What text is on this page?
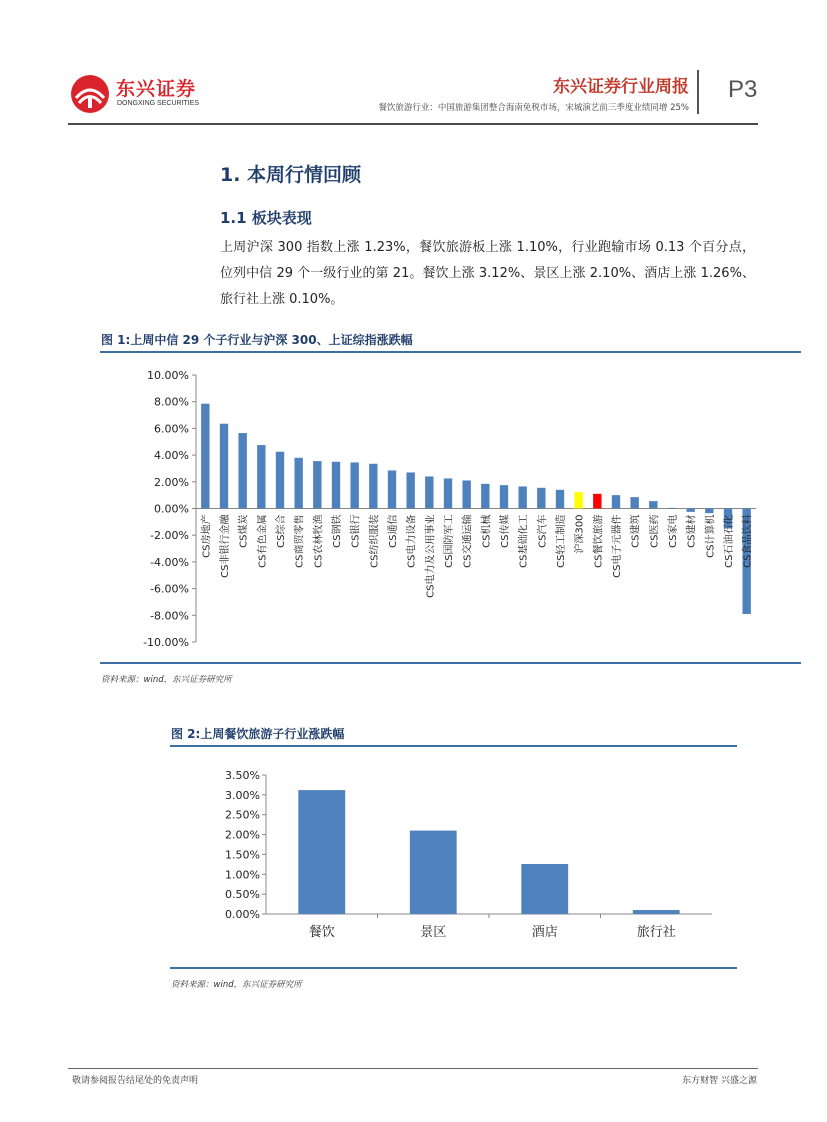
东兴证券
DONGXING SECURITIES
东兴证券行业周报
餐饮旅游行业：中国旅游集团整合海南免税市场，宋城演艺前三季度业绩同增 25%
P3
1. 本周行情回顾
1.1 板块表现
上周沪深 300 指数上涨 1.23%，餐饮旅游板上涨 1.10%，行业跑输市场 0.13 个百分点，位列中信 29 个一级行业的第 21。餐饮上涨 3.12%、景区上涨 2.10%、酒店上涨 1.26%、旅行社上涨 0.10%。
图 1:上周中信 29 个子行业与沪深 300、上证综指涨跌幅
10.00%
8.00%
6.00%
4.00%
2.00%
0.00%
-2.00%
-4.00%
-6.00%
-8.00%
-10.00%
CS房地产 CS非银行金融 CS煤炭 CS有色金属 CS综合 CS商贸零售 CS农林牧渔 CS钢铁 CS银行 CS纺织服装 CS通信 CS电力设备 CS电力及公用事业 CS国防军工 CS交通运输 CS机械 CS传媒 CS基础化工 CS汽车 CS轻工制造 沪深300 CS餐饮旅游 CS电子元器件 CS建筑 CS医药 CS家电 CS建材 CS计算机 CS石油石化 CS食品饮料
资料来源：wind，东兴证券研究所
图 2:上周餐饮旅游子行业涨跌幅
3.50%
3.00%
2.50%
2.00%
1.50%
1.00%
0.50%
0.00%
餐饮	景区	酒店	旅行社
资料来源：wind，东兴证券研究所
敬请参阅报告结尾处的免责声明	东方财智 兴盛之源
